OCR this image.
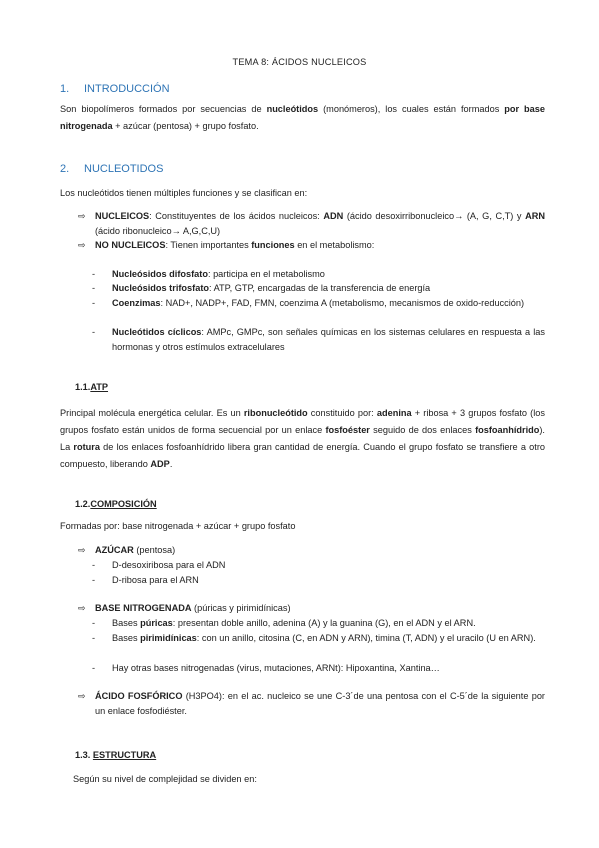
TEMA 8: ÁCIDOS NUCLEICOS
1. INTRODUCCIÓN
Son biopolímeros formados por secuencias de nucleótidos (monómeros), los cuales están formados por base nitrogenada + azúcar (pentosa) + grupo fosfato.
2. NUCLEOTIDOS
Los nucleótidos tienen múltiples funciones y se clasifican en:
⇨	NUCLEICOS: Constituyentes de los ácidos nucleicos: ADN (ácido desoxirribonucleico→ (A, G, C,T) y ARN (ácido ribonucleico→ A,G,C,U)
⇨	NO NUCLEICOS: Tienen importantes funciones en el metabolismo:
- Nucleósidos difosfato: participa en el metabolismo
- Nucleósidos trifosfato: ATP, GTP, encargadas de la transferencia de energía
- Coenzimas: NAD+, NADP+, FAD, FMN, coenzima A (metabolismo, mecanismos de oxido-reducción)
- Nucleótidos cíclicos: AMPc, GMPc, son señales químicas en los sistemas celulares en respuesta a las hormonas y otros estímulos extracelulares
1.1.ATP
Principal molécula energética celular. Es un ribonucleótido constituido por: adenina + ribosa + 3 grupos fosfato (los grupos fosfato están unidos de forma secuencial por un enlace fosfoéster seguido de dos enlaces fosfoanhídrido). La rotura de los enlaces fosfoanhídrido libera gran cantidad de energía. Cuando el grupo fosfato se transfiere a otro compuesto, liberando ADP.
1.2.COMPOSICIÓN
Formadas por: base nitrogenada + azúcar + grupo fosfato
⇨	AZÚCAR (pentosa)
- D-desoxiribosa para el ADN
- D-ribosa para el ARN
⇨	BASE NITROGENADA (púricas y pirimidínicas)
- Bases púricas: presentan doble anillo, adenina (A) y la guanina (G), en el ADN y el ARN.
- Bases pirimidínicas: con un anillo, citosina (C, en ADN y ARN), timina (T, ADN) y el uracilo (U en ARN).
- Hay otras bases nitrogenadas (virus, mutaciones, ARNt): Hipoxantina, Xantina…
⇨	ÁCIDO FOSFÓRICO (H3PO4): en el ac. nucleico se une C-3´de una pentosa con el C-5´de la siguiente por un enlace fosfodiéster.
1.3. ESTRUCTURA
Según su nivel de complejidad se dividen en:
